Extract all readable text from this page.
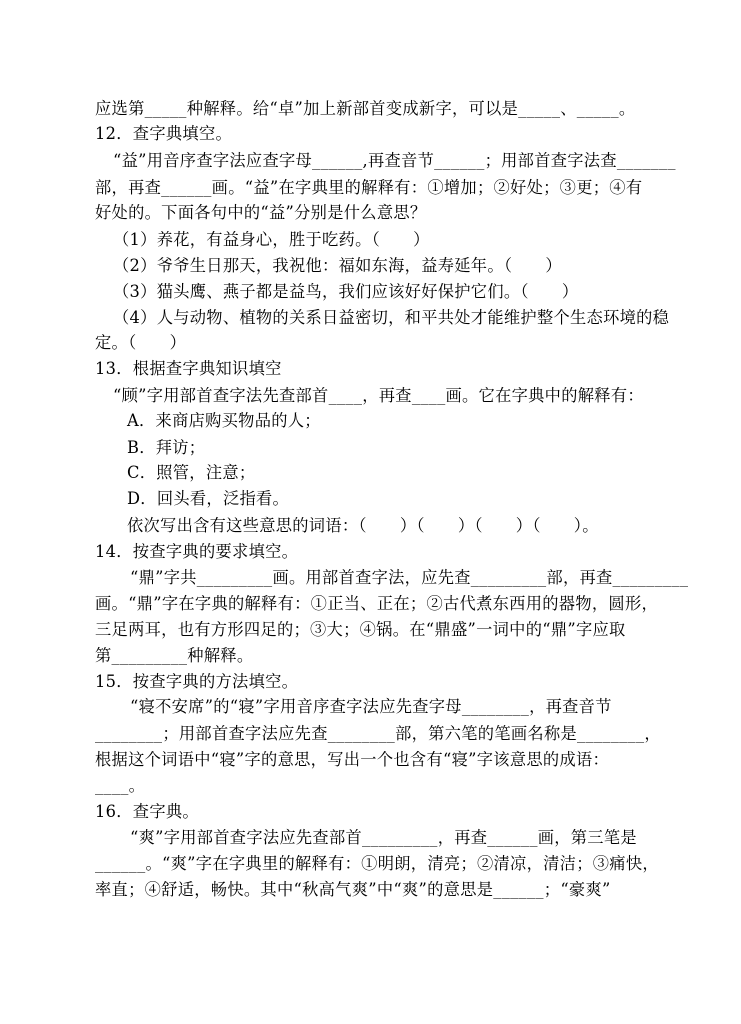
应选第_____种解释。给“卓”加上新部首变成新字，可以是_____、_____。
12．查字典填空。
“益”用音序查字法应查字母______,再查音节______；用部首查字法查_______
部，再查______画。“益”在字典里的解释有：①增加；②好处；③更；④有
好处的。下面各句中的“益”分别是什么意思？
（1）养花，有益身心，胜于吃药。（　　）
（2）爷爷生日那天，我祝他：福如东海，益寿延年。（　　）
（3）猫头鹰、燕子都是益鸟，我们应该好好保护它们。（　　）
（4）人与动物、植物的关系日益密切，和平共处才能维护整个生态环境的稳
定。（　　）
13．根据查字典知识填空
“顾”字用部首查字法先查部首____，再查____画。它在字典中的解释有：
A．来商店购买物品的人；
B．拜访；
C．照管，注意；
D．回头看，泛指看。
依次写出含有这些意思的词语：（　　）（　　）（　　）（　　）。
14．按查字典的要求填空。
“鼎”字共_________画。用部首查字法，应先查_________部，再查_________
画。“鼎”字在字典的解释有：①正当、正在；②古代煮东西用的器物，圆形，
三足两耳，也有方形四足的；③大；④锅。在“鼎盛”一词中的“鼎”字应取
第_________种解释。
15．按查字典的方法填空。
“寝不安席”的“寝”字用音序查字法应先查字母________，再查音节
________；用部首查字法应先查________部，第六笔的笔画名称是________，
根据这个词语中“寝”字的意思，写出一个也含有“寝”字该意思的成语：
____。
16．查字典。
“爽”字用部首查字法应先查部首_________，再查______画，第三笔是
______。“爽”字在字典里的解释有：①明朗，清亮；②清凉，清洁；③痛快，
率直；④舒适，畅快。其中“秋高气爽”中“爽”的意思是______；“豪爽”
